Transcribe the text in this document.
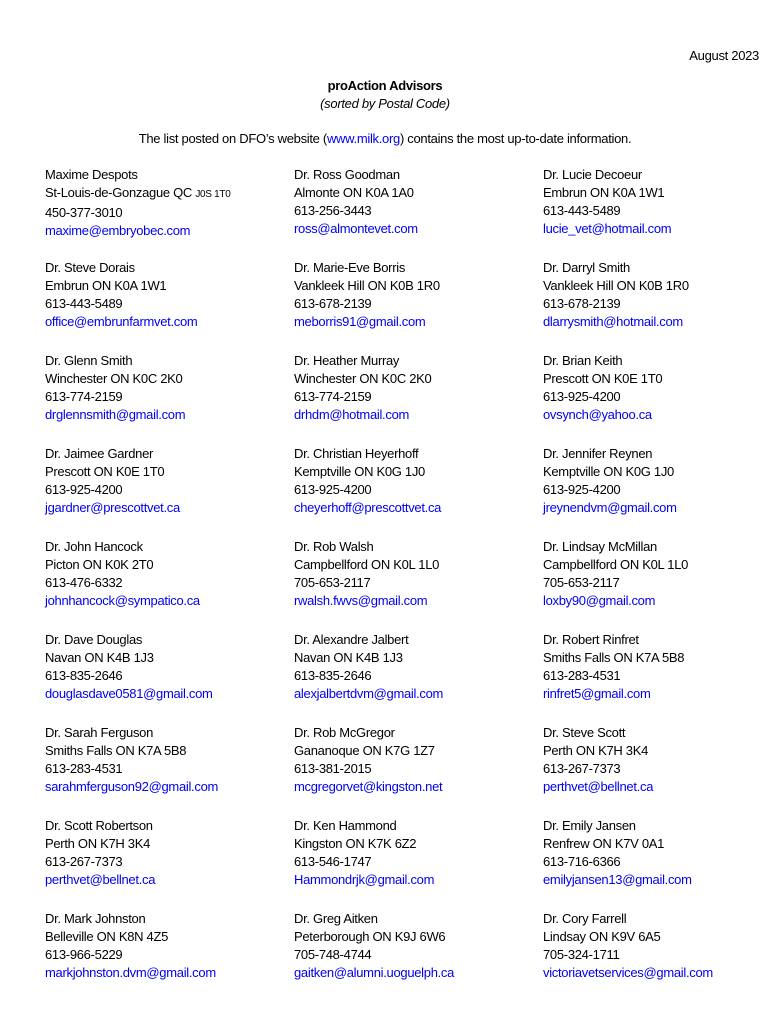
August 2023
proAction Advisors
(sorted by Postal Code)
The list posted on DFO’s website (www.milk.org) contains the most up-to-date information.
Maxime Despots
St-Louis-de-Gonzague QC J0S 1T0
450-377-3010
maxime@embryobec.com
Dr. Ross Goodman
Almonte ON K0A 1A0
613-256-3443
ross@almontevet.com
Dr. Lucie Decoeur
Embrun ON K0A 1W1
613-443-5489
lucie_vet@hotmail.com
Dr. Steve Dorais
Embrun ON K0A 1W1
613-443-5489
office@embrunfarmvet.com
Dr. Marie-Eve Borris
Vankleek Hill ON K0B 1R0
613-678-2139
meborris91@gmail.com
Dr. Darryl Smith
Vankleek Hill ON K0B 1R0
613-678-2139
dlarrysmith@hotmail.com
Dr. Glenn Smith
Winchester ON K0C 2K0
613-774-2159
drglennsmith@gmail.com
Dr. Heather Murray
Winchester ON K0C 2K0
613-774-2159
drhdm@hotmail.com
Dr. Brian Keith
Prescott ON K0E 1T0
613-925-4200
ovsynch@yahoo.ca
Dr. Jaimee Gardner
Prescott ON K0E 1T0
613-925-4200
jgardner@prescottvet.ca
Dr. Christian Heyerhoff
Kemptville ON K0G 1J0
613-925-4200
cheyerhoff@prescottvet.ca
Dr. Jennifer Reynen
Kemptville ON K0G 1J0
613-925-4200
jreynendvm@gmail.com
Dr. John Hancock
Picton ON K0K 2T0
613-476-6332
johnhancock@sympatico.ca
Dr. Rob Walsh
Campbellford ON K0L 1L0
705-653-2117
rwalsh.fwvs@gmail.com
Dr. Lindsay McMillan
Campbellford ON K0L 1L0
705-653-2117
loxby90@gmail.com
Dr. Dave Douglas
Navan ON K4B 1J3
613-835-2646
douglasdave0581@gmail.com
Dr. Alexandre Jalbert
Navan ON K4B 1J3
613-835-2646
alexjalbertdvm@gmail.com
Dr. Robert Rinfret
Smiths Falls ON K7A 5B8
613-283-4531
rinfret5@gmail.com
Dr. Sarah Ferguson
Smiths Falls ON K7A 5B8
613-283-4531
sarahmferguson92@gmail.com
Dr. Rob McGregor
Gananoque ON K7G 1Z7
613-381-2015
mcgregorvet@kingston.net
Dr. Steve Scott
Perth ON K7H 3K4
613-267-7373
perthvet@bellnet.ca
Dr. Scott Robertson
Perth ON K7H 3K4
613-267-7373
perthvet@bellnet.ca
Dr. Ken Hammond
Kingston ON K7K 6Z2
613-546-1747
Hammondrjk@gmail.com
Dr. Emily Jansen
Renfrew ON K7V 0A1
613-716-6366
emilyjansen13@gmail.com
Dr. Mark Johnston
Belleville ON K8N 4Z5
613-966-5229
markjohnston.dvm@gmail.com
Dr. Greg Aitken
Peterborough ON K9J 6W6
705-748-4744
gaitken@alumni.uoguelph.ca
Dr. Cory Farrell
Lindsay ON K9V 6A5
705-324-1711
victoriavetservices@gmail.com
